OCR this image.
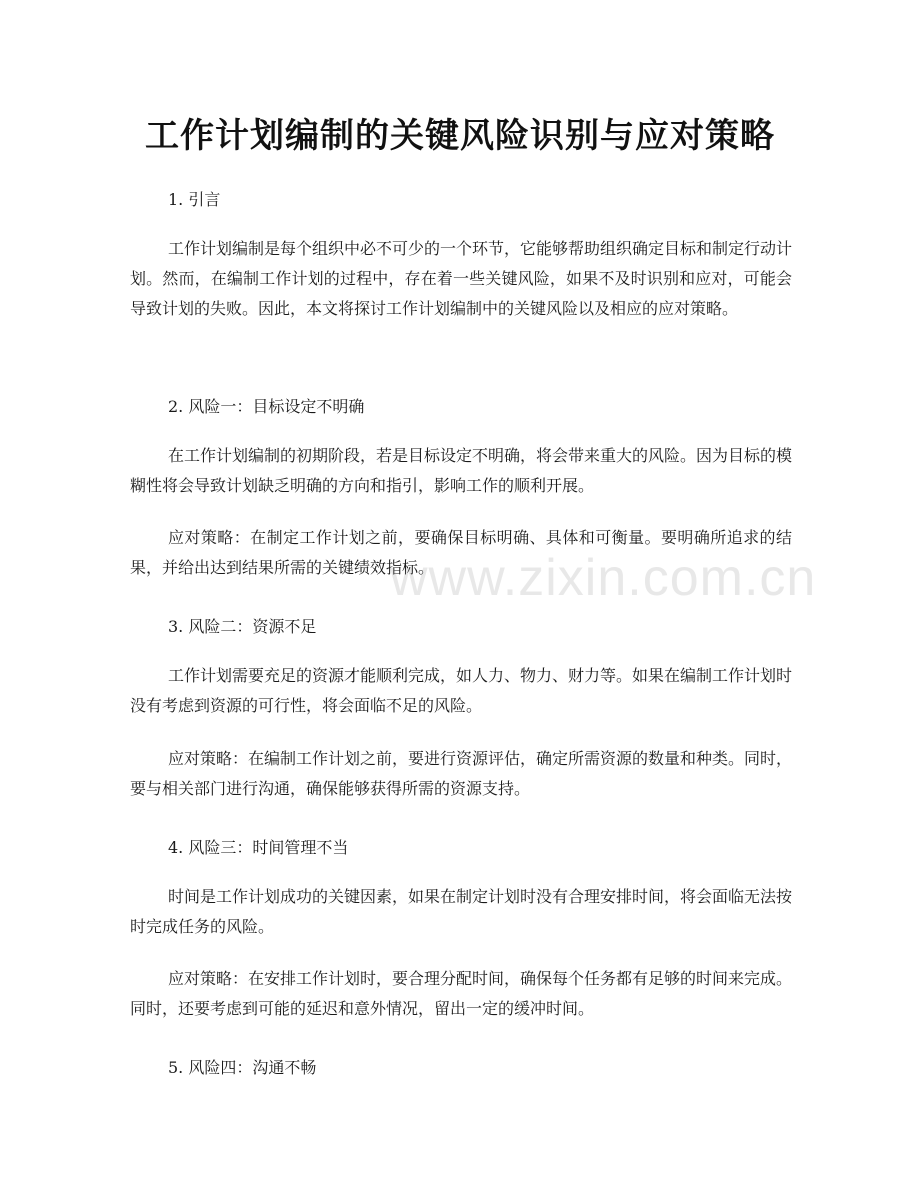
工作计划编制的关键风险识别与应对策略

1. 引言

工作计划编制是每个组织中必不可少的一个环节，它能够帮助组织确定目标和制定行动计划。然而，在编制工作计划的过程中，存在着一些关键风险，如果不及时识别和应对，可能会导致计划的失败。因此，本文将探讨工作计划编制中的关键风险以及相应的应对策略。

2. 风险一：目标设定不明确

在工作计划编制的初期阶段，若是目标设定不明确，将会带来重大的风险。因为目标的模糊性将会导致计划缺乏明确的方向和指引，影响工作的顺利开展。

应对策略：在制定工作计划之前，要确保目标明确、具体和可衡量。要明确所追求的结果，并给出达到结果所需的关键绩效指标。

3. 风险二：资源不足

工作计划需要充足的资源才能顺利完成，如人力、物力、财力等。如果在编制工作计划时没有考虑到资源的可行性，将会面临不足的风险。

应对策略：在编制工作计划之前，要进行资源评估，确定所需资源的数量和种类。同时，要与相关部门进行沟通，确保能够获得所需的资源支持。

4. 风险三：时间管理不当

时间是工作计划成功的关键因素，如果在制定计划时没有合理安排时间，将会面临无法按时完成任务的风险。

应对策略：在安排工作计划时，要合理分配时间，确保每个任务都有足够的时间来完成。同时，还要考虑到可能的延迟和意外情况，留出一定的缓冲时间。

5. 风险四：沟通不畅

www.zixin.com.cn
